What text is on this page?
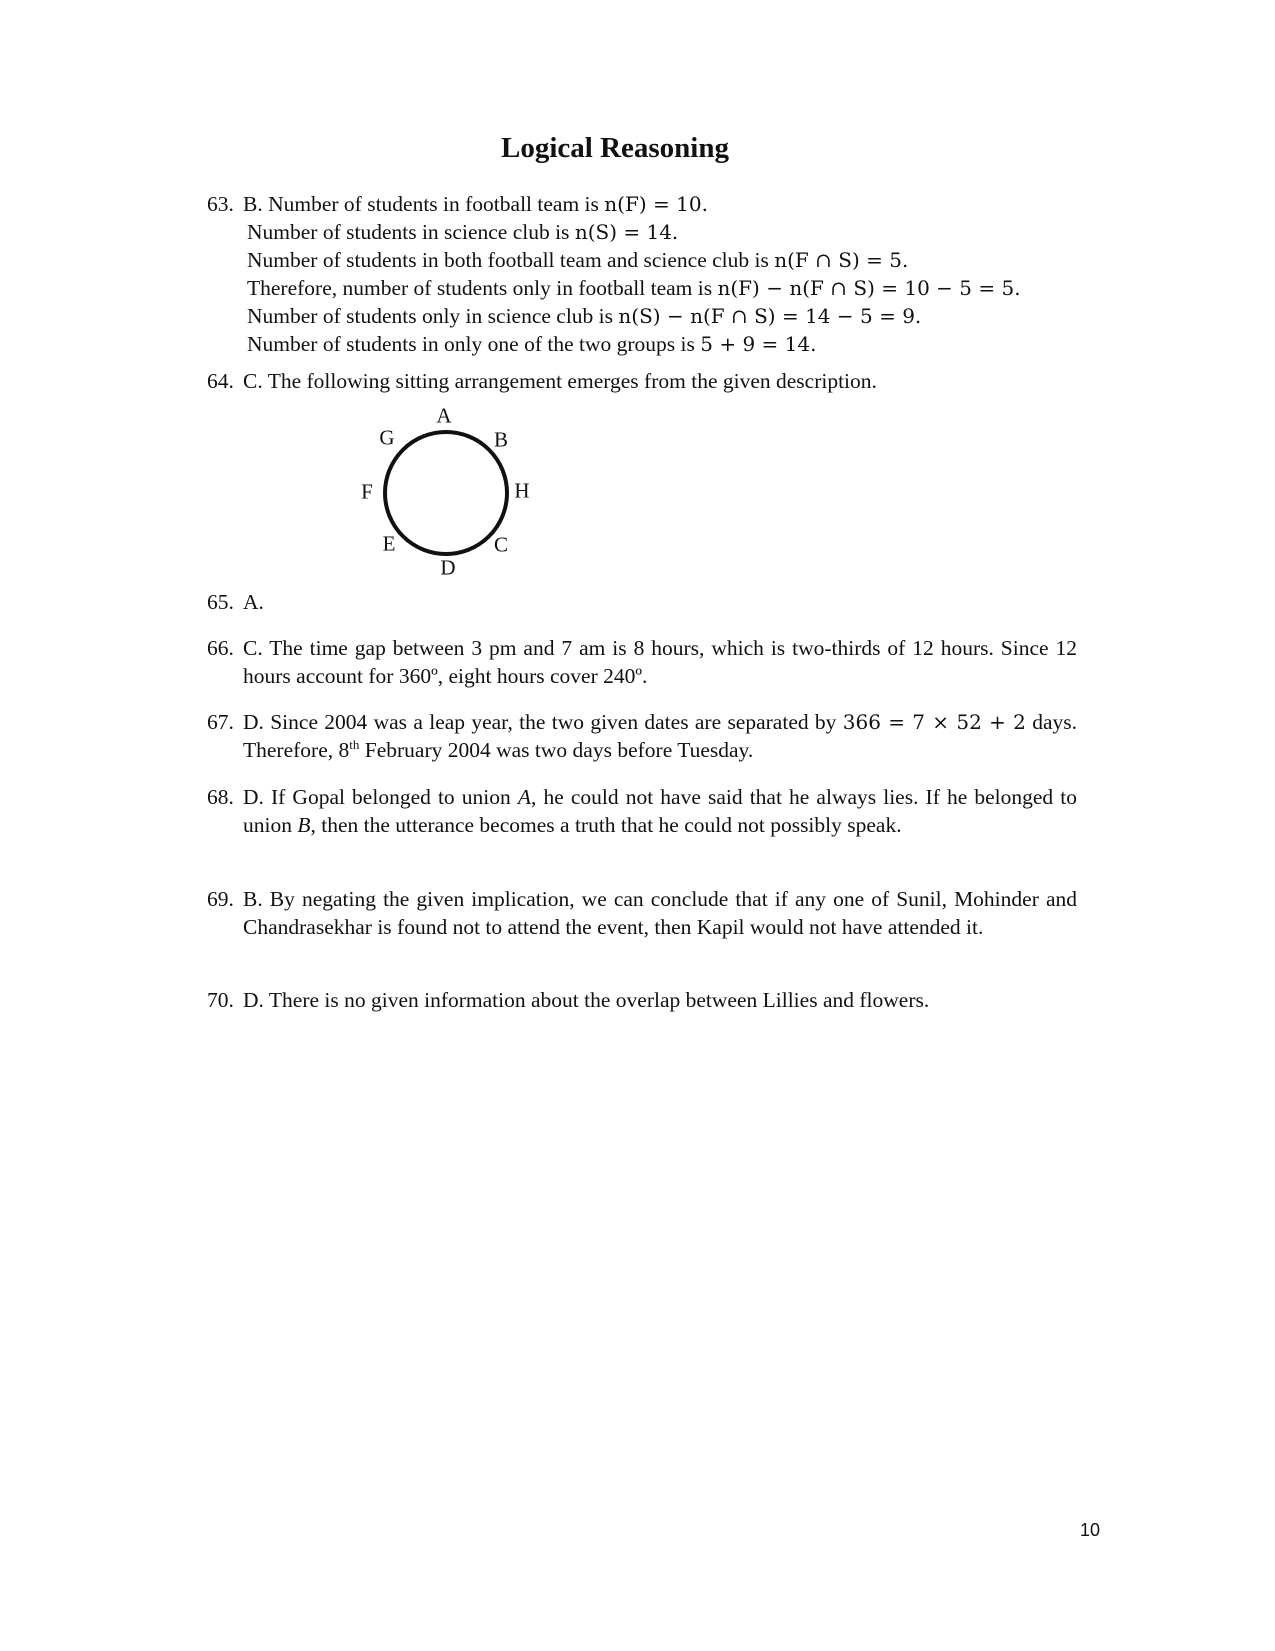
Logical Reasoning
63. B. Number of students in football team is n(F) = 10.
Number of students in science club is n(S) = 14.
Number of students in both football team and science club is n(F ∩ S) = 5.
Therefore, number of students only in football team is n(F) − n(F ∩ S) = 10 − 5 = 5.
Number of students only in science club is n(S) − n(F ∩ S) = 14 − 5 = 9.
Number of students in only one of the two groups is 5 + 9 = 14.
64. C. The following sitting arrangement emerges from the given description.
A
B
H
C
D
E
F
G
65. A.
66. C. The time gap between 3 pm and 7 am is 8 hours, which is two-thirds of 12 hours. Since 12 hours account for 360º, eight hours cover 240º.
67. D. Since 2004 was a leap year, the two given dates are separated by 366 = 7 × 52 + 2 days. Therefore, 8th February 2004 was two days before Tuesday.
68. D. If Gopal belonged to union A, he could not have said that he always lies. If he belonged to union B, then the utterance becomes a truth that he could not possibly speak.
69. B. By negating the given implication, we can conclude that if any one of Sunil, Mohinder and Chandrasekhar is found not to attend the event, then Kapil would not have attended it.
70. D. There is no given information about the overlap between Lillies and flowers.
10
